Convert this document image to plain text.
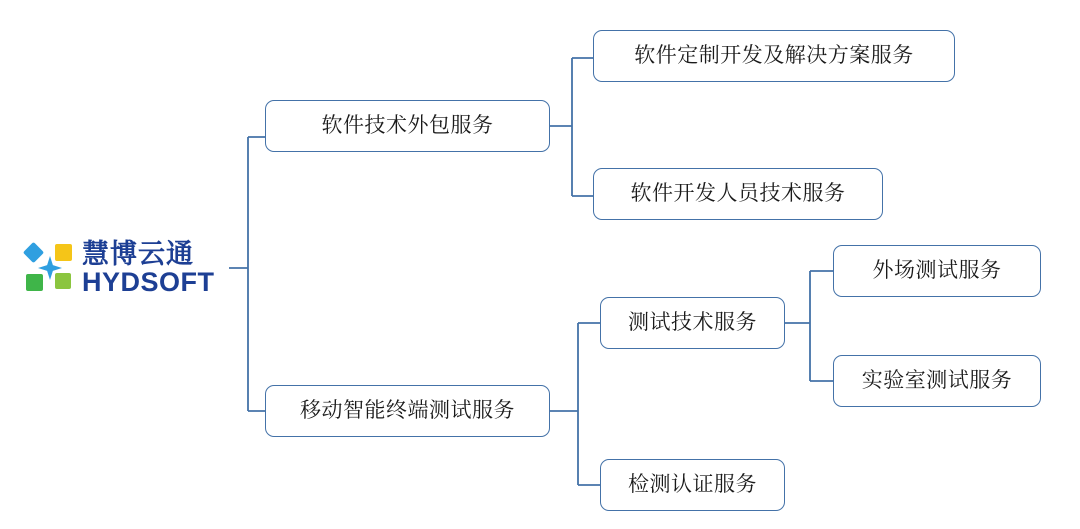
慧博云通
HYDSOFT
软件技术外包服务
软件定制开发及解决方案服务
软件开发人员技术服务
移动智能终端测试服务
测试技术服务
外场测试服务
实验室测试服务
检测认证服务
